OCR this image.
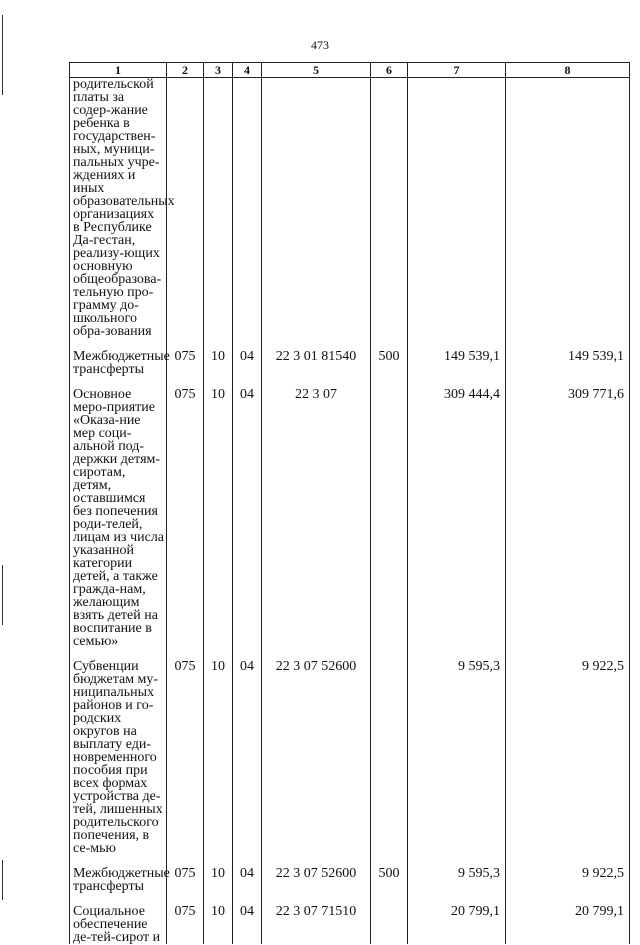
473
1	2	3	4	5	6	7	8
родительской платы за содер-жание ребенка в государствен-ных, муници-пальных учре-ждениях и иных образовательных организациях в Республике Да-гестан, реализу-ющих основную общеобразова-тельную про-грамму до-школьного обра-зования							

Межбюджетные трансферты	075	10	04	22 3 01 81540	500	149 539,1	149 539,1

Основное меро-приятие «Оказа-ние мер соци-альной под-держки детям-сиротам, детям, оставшимся без попечения роди-телей, лицам из числа указанной категории детей, а также гражда-нам, желающим взять детей на воспитание в семью»	075	10	04	22 3 07		309 444,4	309 771,6

Субвенции бюджетам му-ниципальных районов и го-родских округов на выплату еди-новременного пособия при всех формах устройства де-тей, лишенных родительского попечения, в се-мью	075	10	04	22 3 07 52600		9 595,3	9 922,5

Межбюджетные трансферты	075	10	04	22 3 07 52600	500	9 595,3	9 922,5

Социальное обеспечение де-тей-сирот и	075	10	04	22 3 07 71510		20 799,1	20 799,1
